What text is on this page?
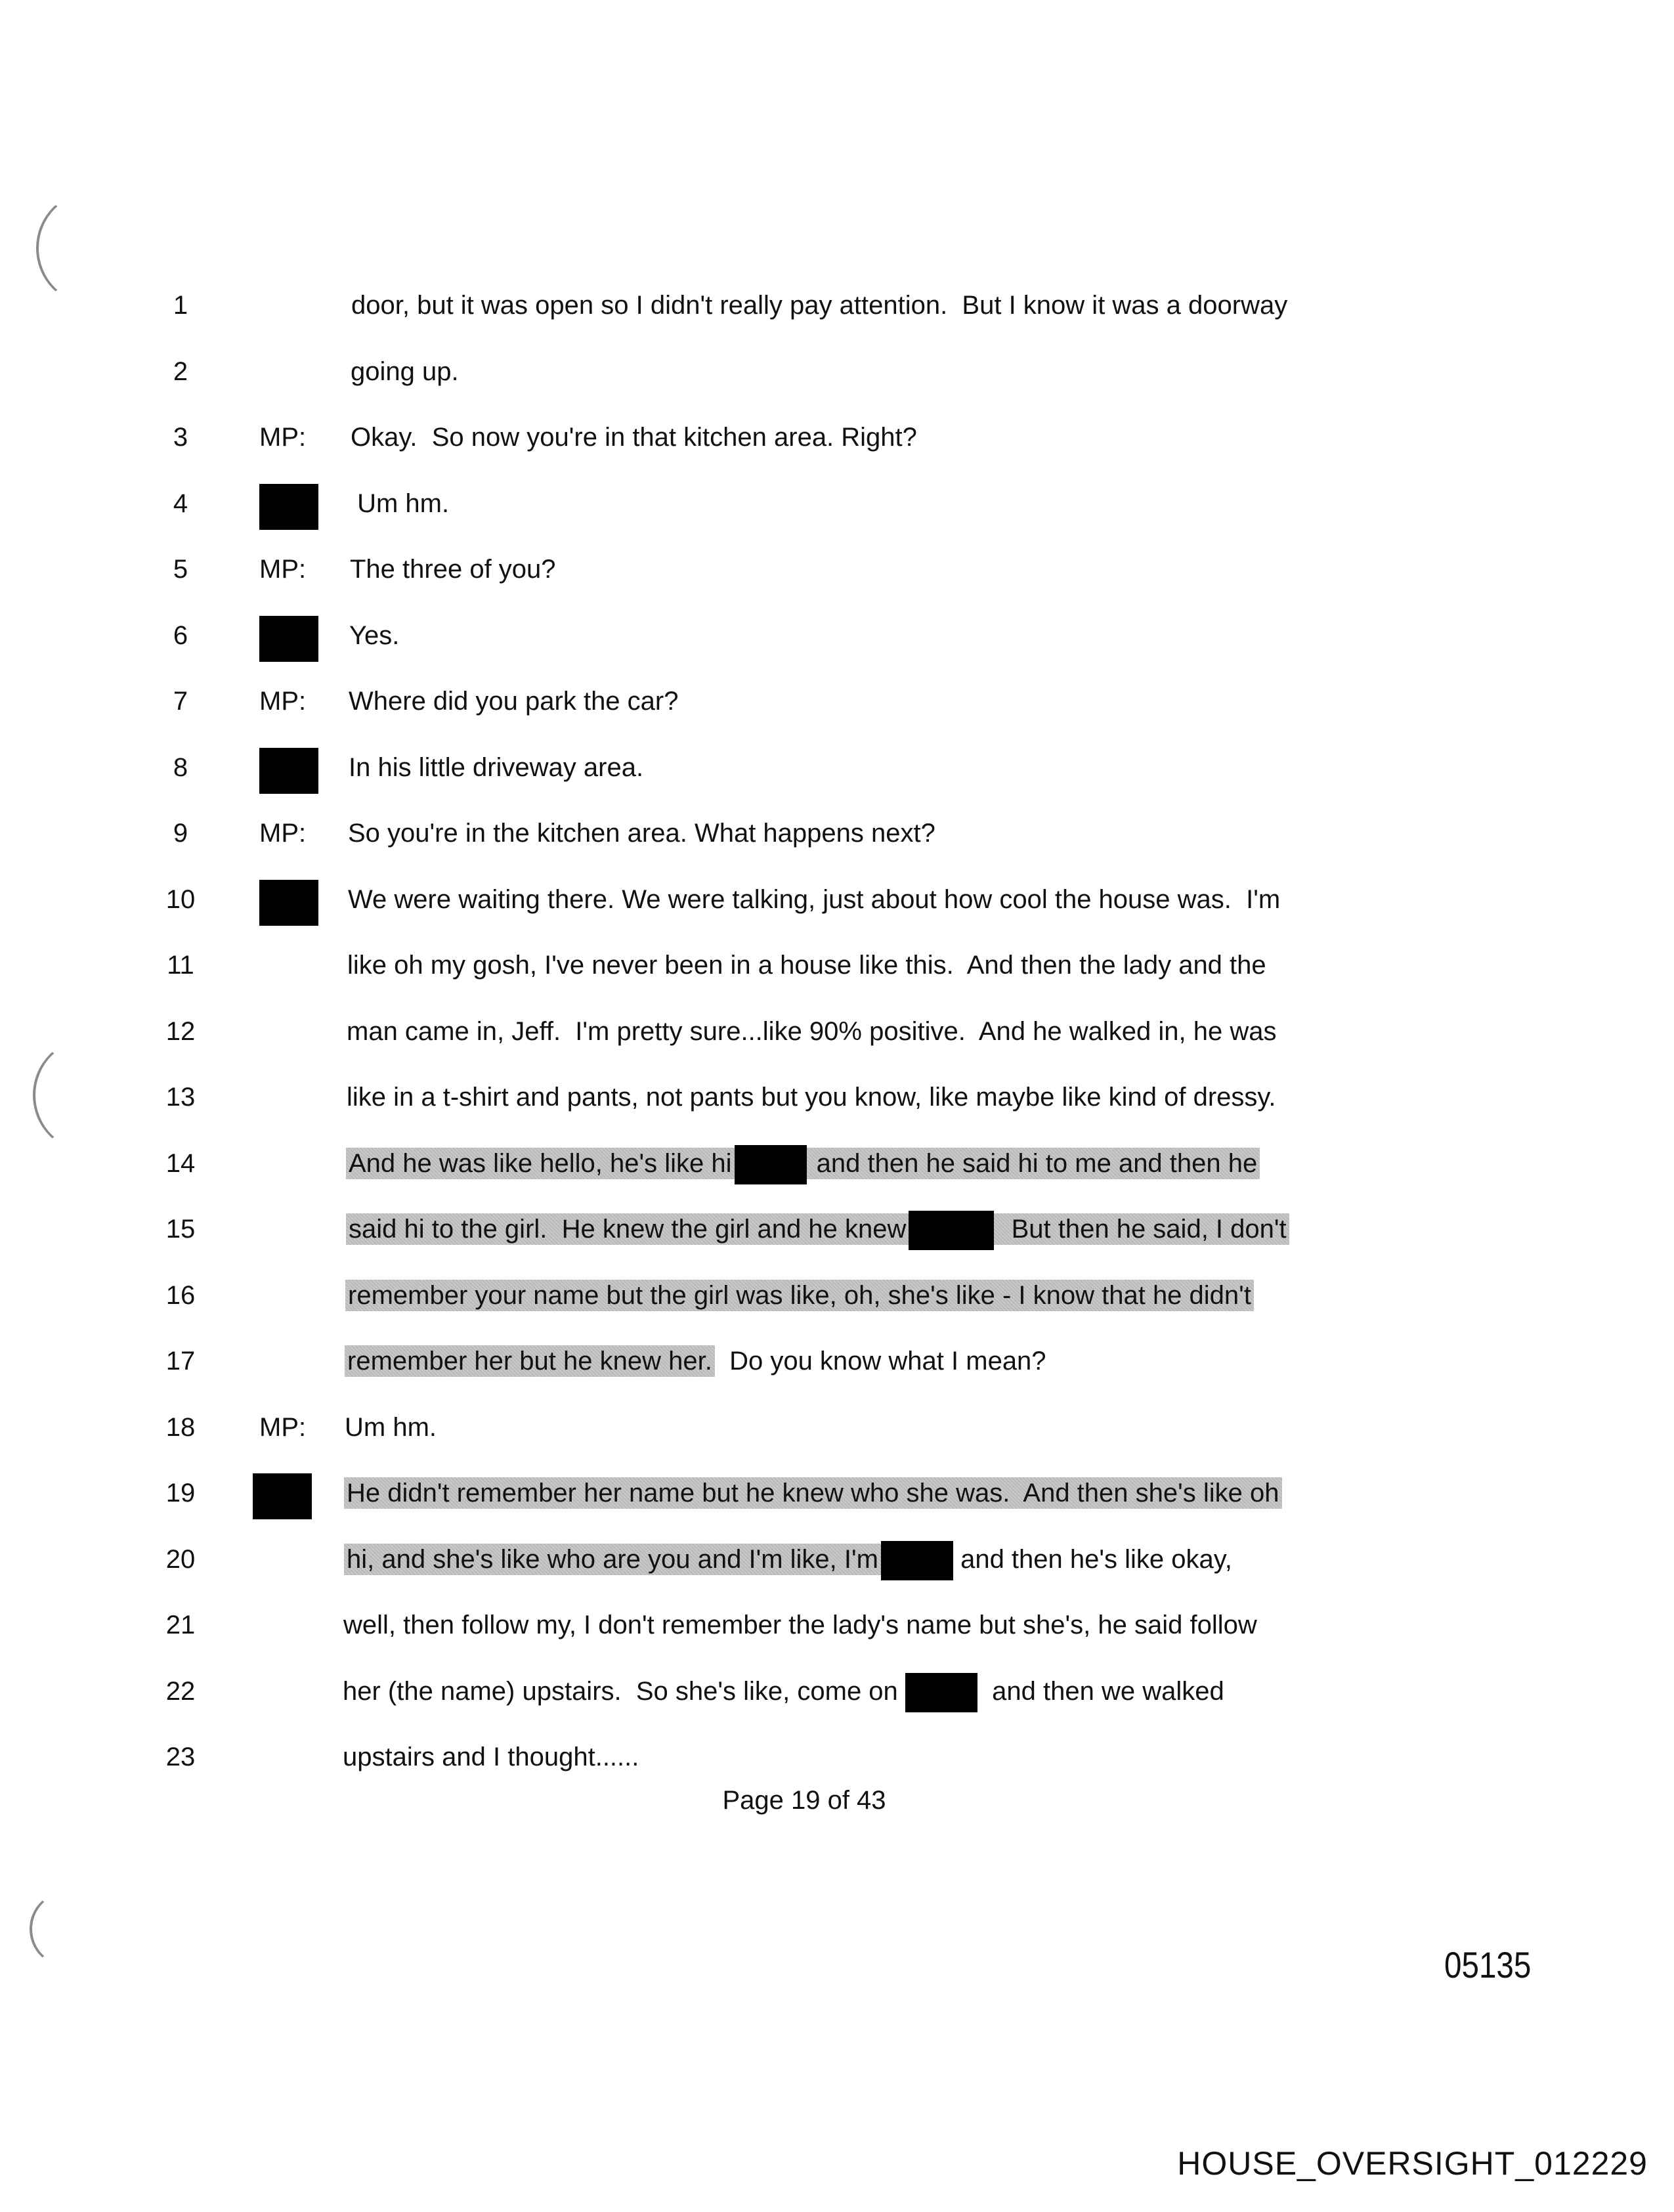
1	door, but it was open so I didn't really pay attention.  But I know it was a doorway
2	going up.
3	MP:	Okay.  So now you're in that kitchen area. Right?
4	Um hm.
5	MP:	The three of you?
6	Yes.
7	MP:	Where did you park the car?
8	In his little driveway area.
9	MP:	So you're in the kitchen area. What happens next?
10	We were waiting there. We were talking, just about how cool the house was.  I'm
11	like oh my gosh, I've never been in a house like this.  And then the lady and the
12	man came in, Jeff.  I'm pretty sure...like 90% positive.  And he walked in, he was
13	like in a t-shirt and pants, not pants but you know, like maybe like kind of dressy.
14	And he was like hello, he's like hi	and then he said hi to me and then he
15	said hi to the girl.  He knew the girl and he knew	But then he said, I don't
16	remember your name but the girl was like, oh, she's like - I know that he didn't
17	remember her but he knew her.  Do you know what I mean?
18	MP:	Um hm.
19	He didn't remember her name but he knew who she was.  And then she's like oh
20	hi, and she's like who are you and I'm like, I'm	and then he's like okay,
21	well, then follow my, I don't remember the lady's name but she's, he said follow
22	her (the name) upstairs.  So she's like, come on	and then we walked
23	upstairs and I thought......
Page 19 of 43
05135
HOUSE_OVERSIGHT_012229
